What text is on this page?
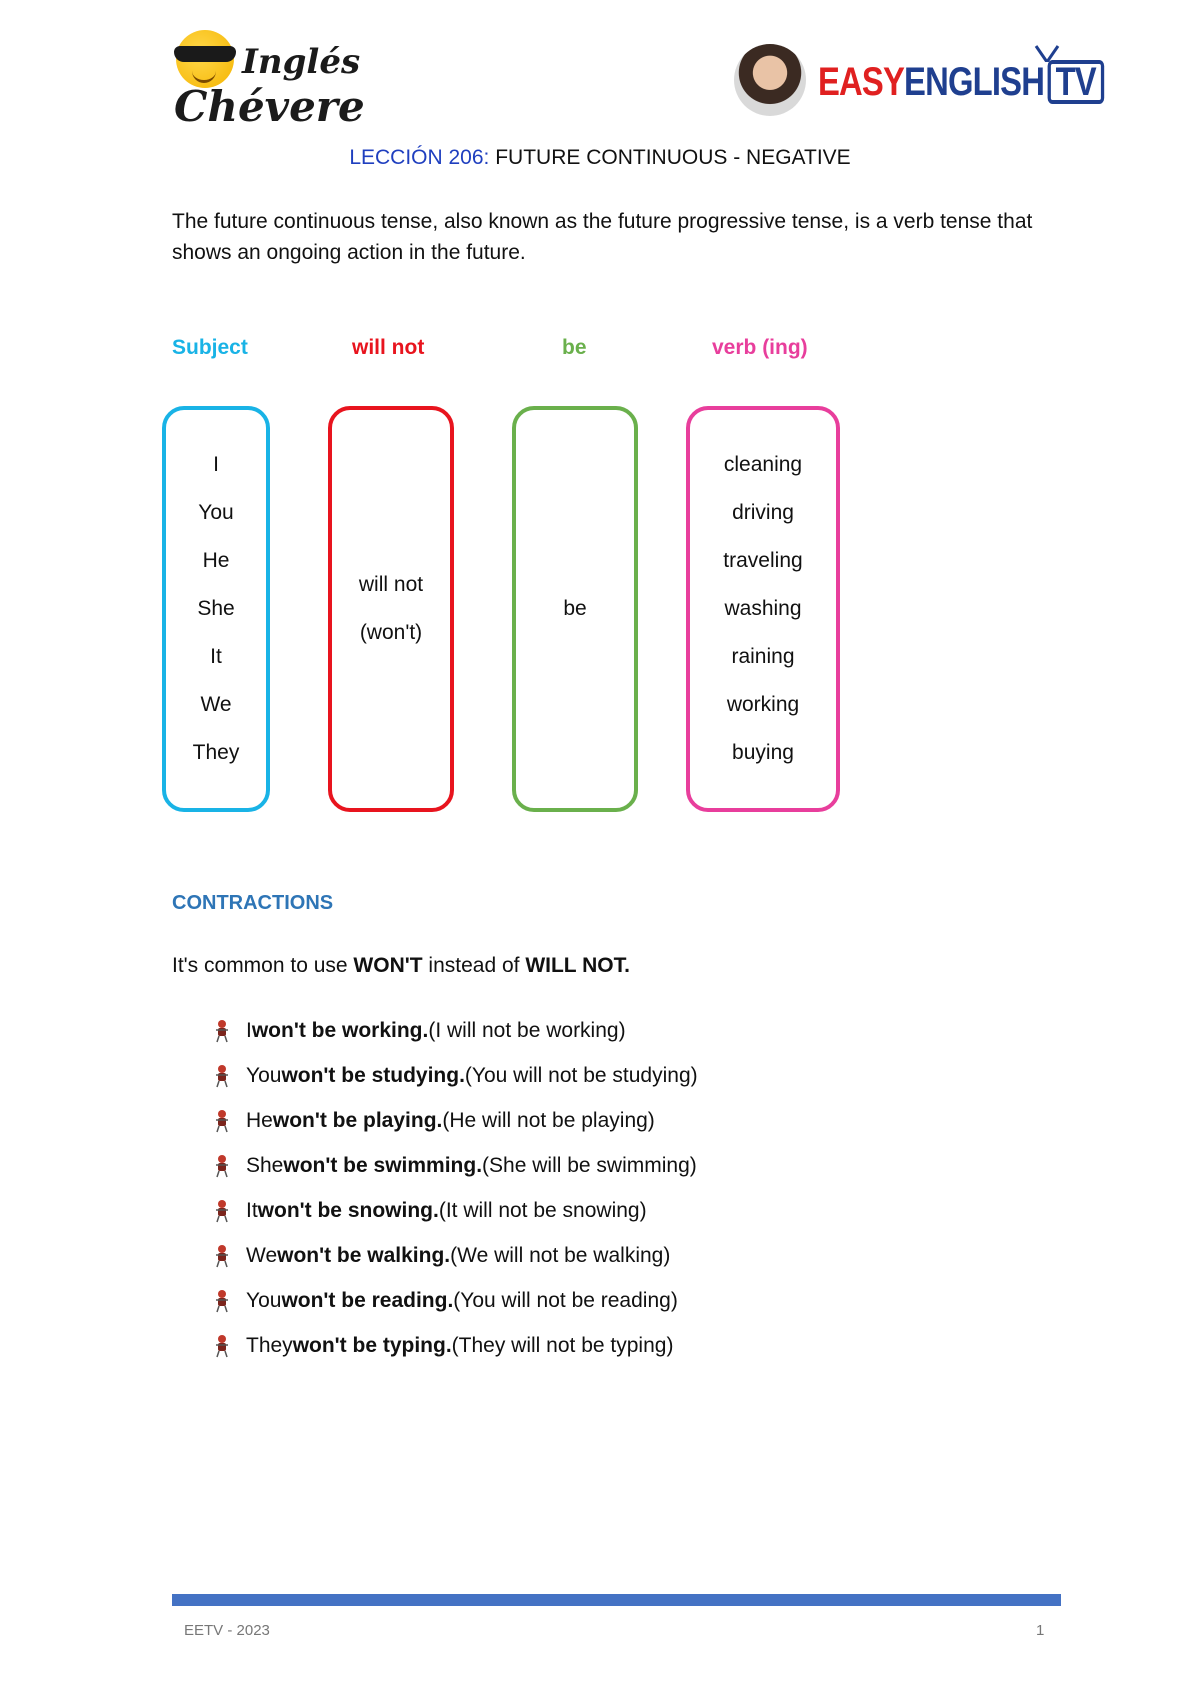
Inglés
Chévere	EASYENGLISH TV
LECCIÓN 206: FUTURE CONTINUOUS - NEGATIVE
The future continuous tense, also known as the future progressive tense, is a verb tense that shows an ongoing action in the future.
Subject	will not	be	verb (ing)
I
You
He
She
It
We
They
will not
(won't)
be
cleaning
driving
traveling
washing
raining
working
buying
CONTRACTIONS
It's common to use WON'T instead of WILL NOT.
I won't be working. (I will not be working)
You won't be studying. (You will not be studying)
He won't be playing. (He will not be playing)
She won't be swimming. (She will be swimming)
It won't be snowing. (It will not be snowing)
We won't be walking. (We will not be walking)
You won't be reading. (You will not be reading)
They won't be typing. (They will not be typing)
EETV - 2023	1
